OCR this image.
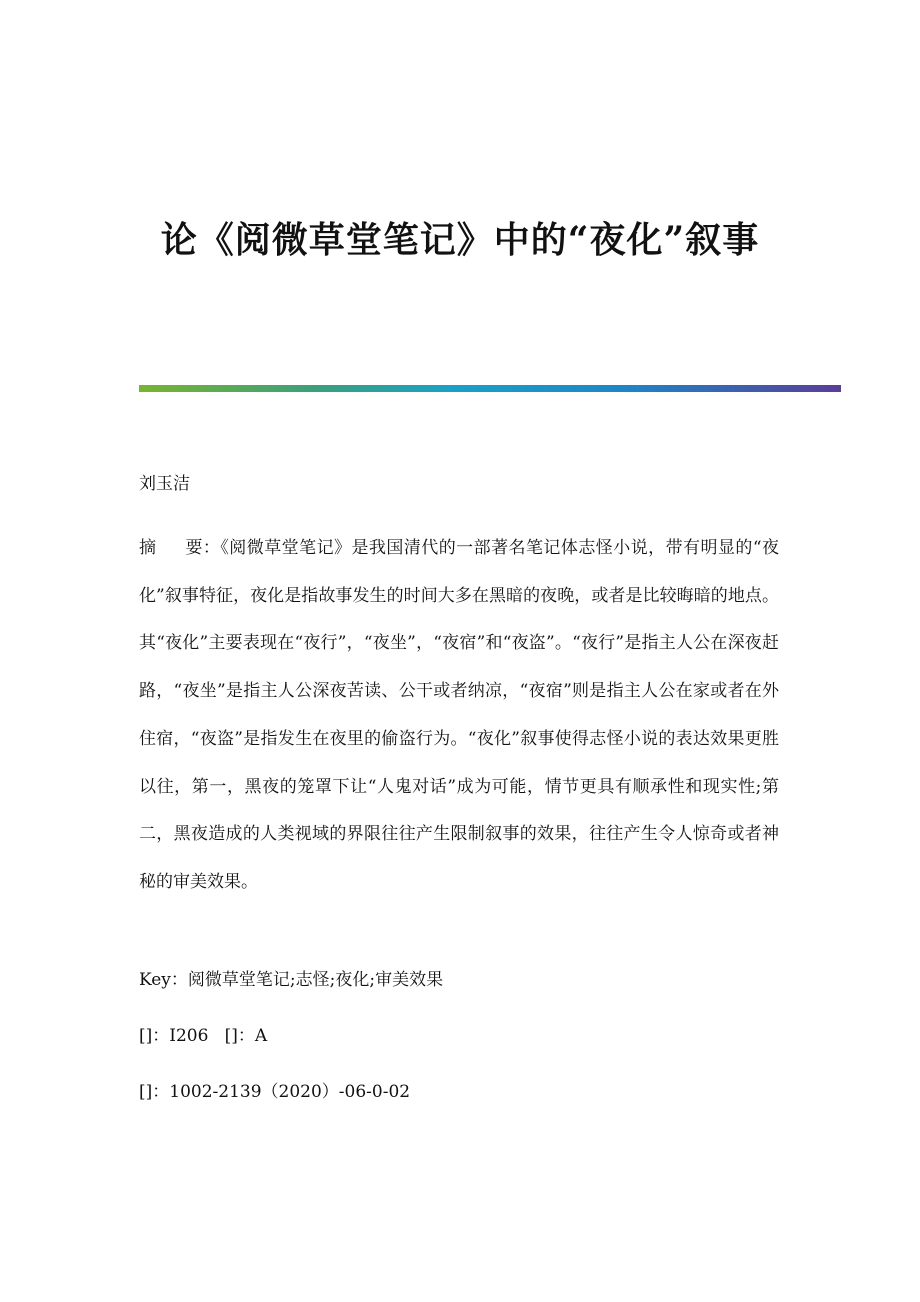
论《阅微草堂笔记》中的“夜化”叙事

刘玉洁

摘 要：《阅微草堂笔记》是我国清代的一部著名笔记体志怪小说，带有明显的“夜化”叙事特征，夜化是指故事发生的时间大多在黑暗的夜晚，或者是比较晦暗的地点。其“夜化”主要表现在“夜行”，“夜坐”，“夜宿”和“夜盗”。“夜行”是指主人公在深夜赶路，“夜坐”是指主人公深夜苦读、公干或者纳凉，“夜宿”则是指主人公在家或者在外住宿，“夜盗”是指发生在夜里的偷盗行为。“夜化”叙事使得志怪小说的表达效果更胜以往，第一，黑夜的笼罩下让“人鬼对话”成为可能，情节更具有顺承性和现实性;第二，黑夜造成的人类视域的界限往往产生限制叙事的效果，往往产生令人惊奇或者神秘的审美效果。

Key：阅微草堂笔记;志怪;夜化;审美效果

[]：I206   []：A

[]：1002-2139（2020）-06-0-02
